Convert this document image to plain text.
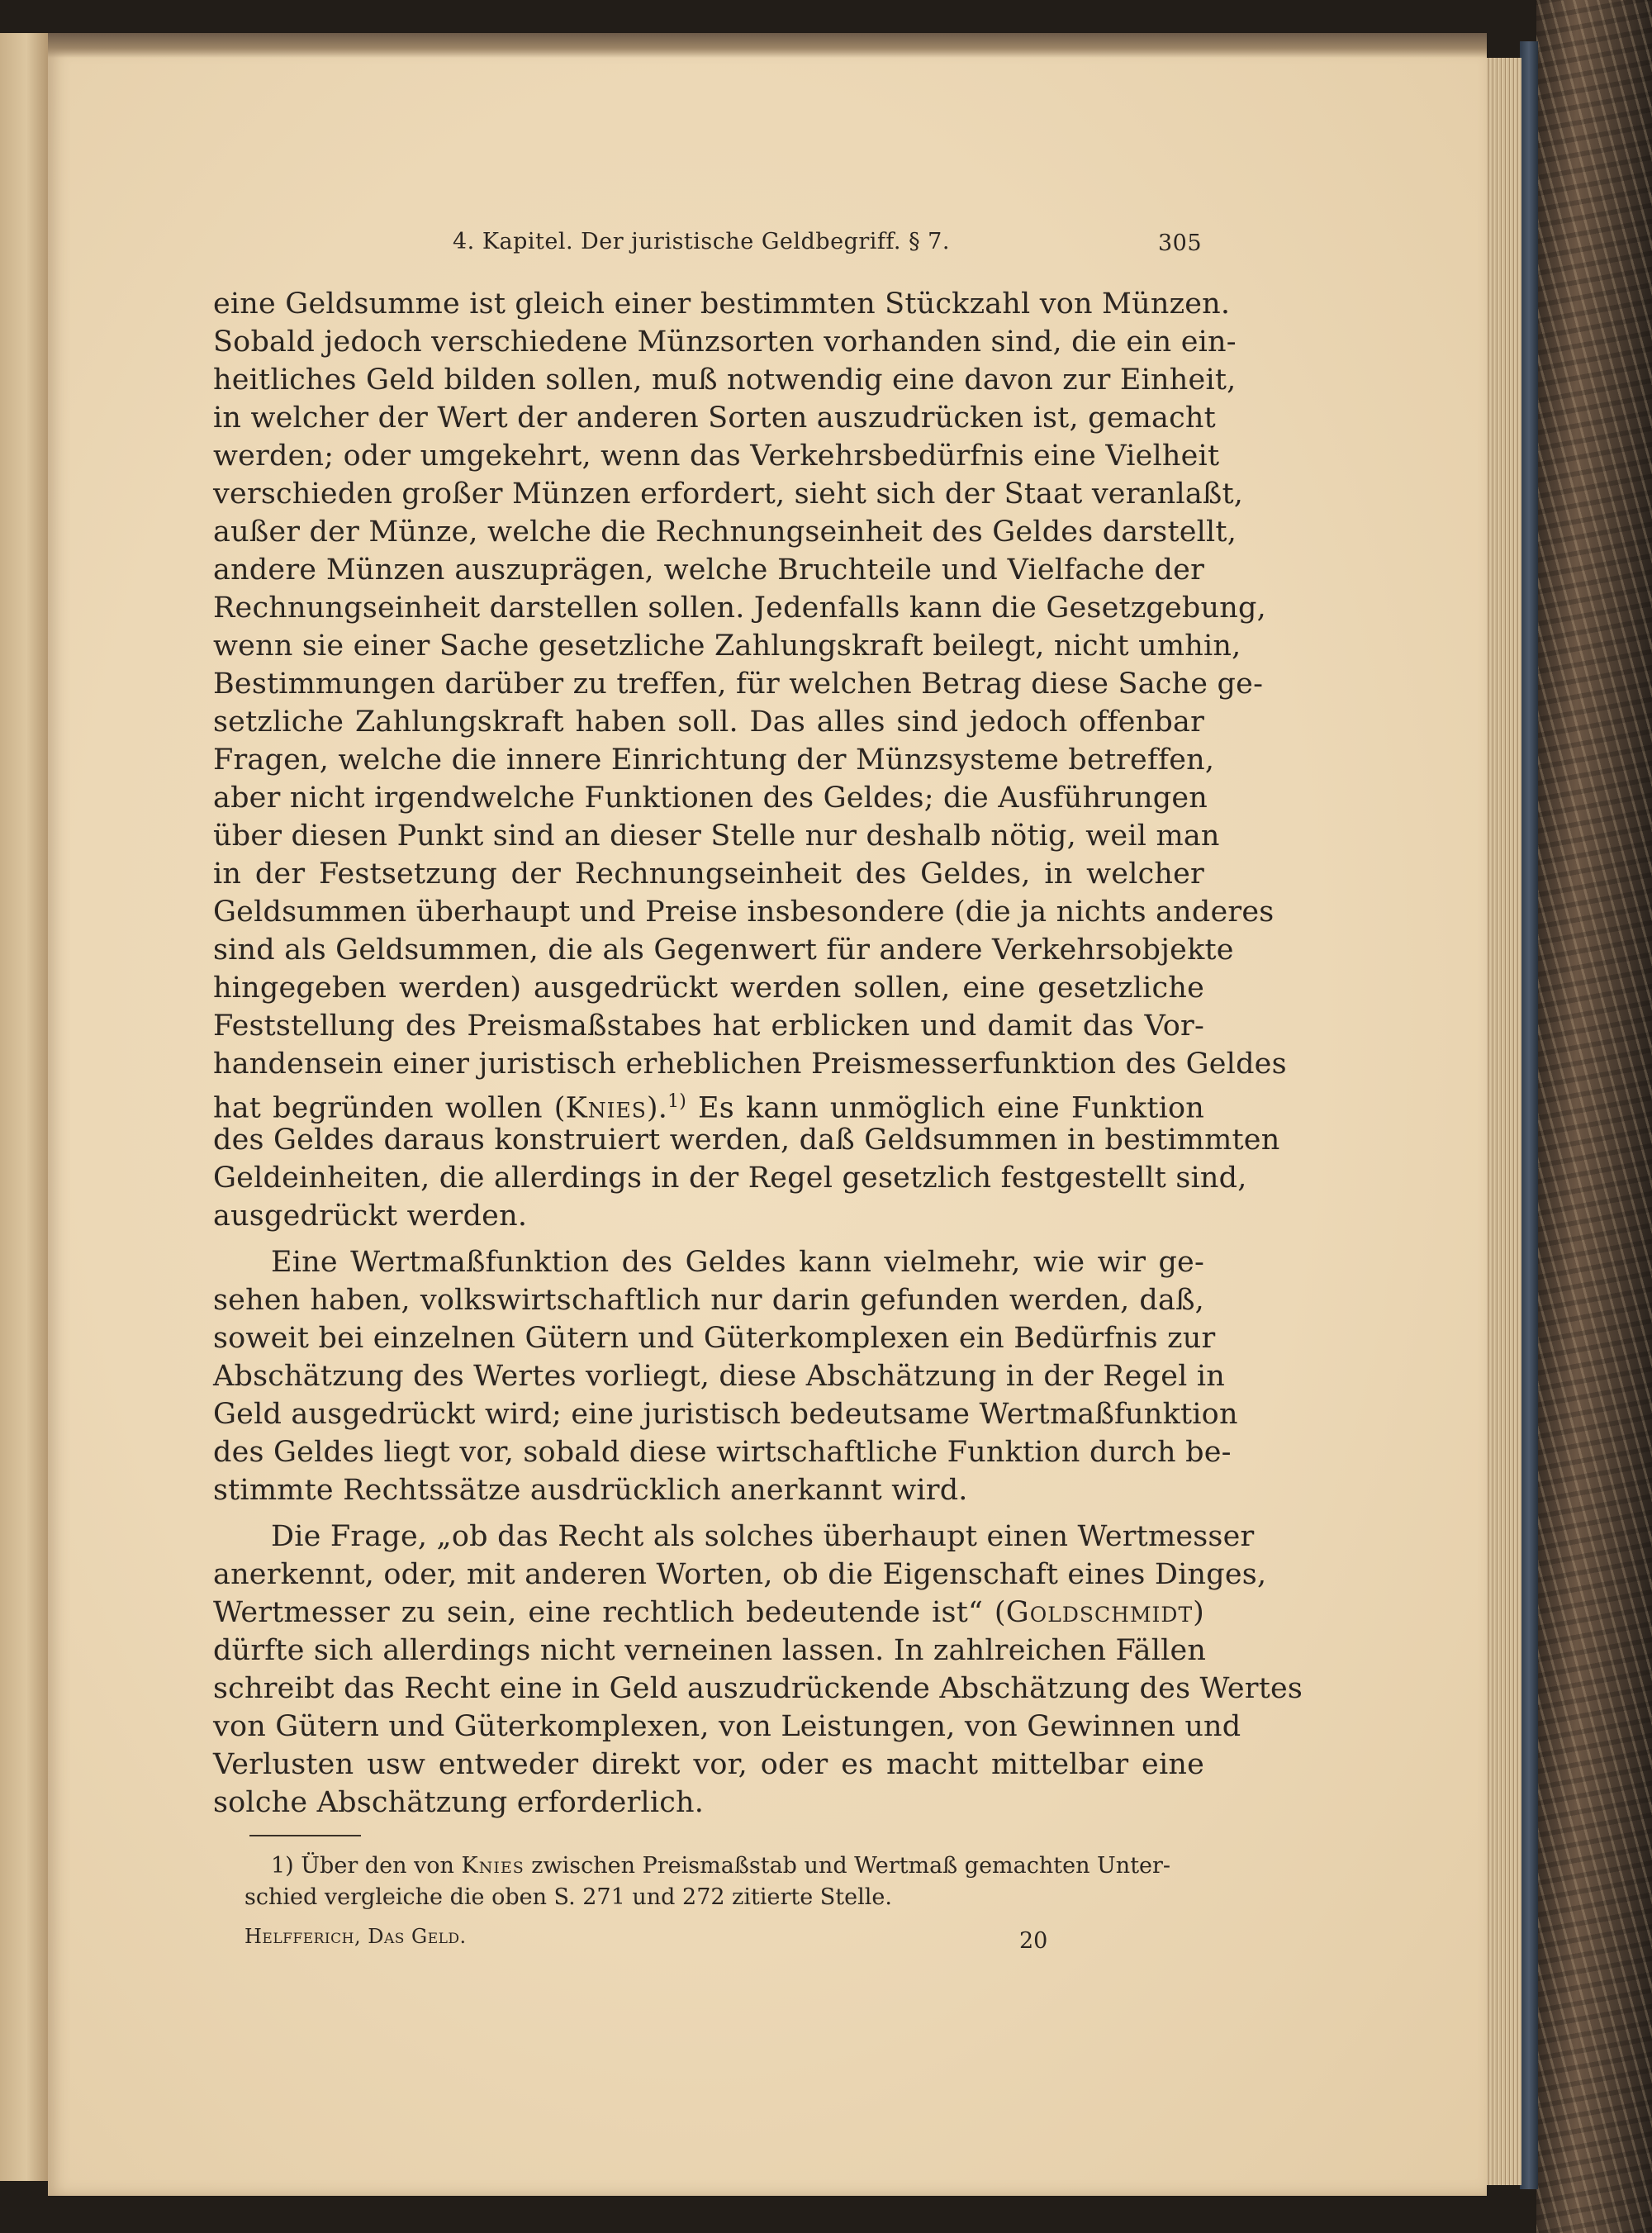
4. Kapitel. Der juristische Geldbegriff. § 7.	305
eine Geldsumme ist gleich einer bestimmten Stückzahl von Münzen.
Sobald jedoch verschiedene Münzsorten vorhanden sind, die ein ein-
heitliches Geld bilden sollen, muß notwendig eine davon zur Einheit,
in welcher der Wert der anderen Sorten auszudrücken ist, gemacht
werden; oder umgekehrt, wenn das Verkehrsbedürfnis eine Vielheit
verschieden großer Münzen erfordert, sieht sich der Staat veranlaßt,
außer der Münze, welche die Rechnungseinheit des Geldes darstellt,
andere Münzen auszuprägen, welche Bruchteile und Vielfache der
Rechnungseinheit darstellen sollen. Jedenfalls kann die Gesetzgebung,
wenn sie einer Sache gesetzliche Zahlungskraft beilegt, nicht umhin,
Bestimmungen darüber zu treffen, für welchen Betrag diese Sache ge-
setzliche Zahlungskraft haben soll. Das alles sind jedoch offenbar
Fragen, welche die innere Einrichtung der Münzsysteme betreffen,
aber nicht irgendwelche Funktionen des Geldes; die Ausführungen
über diesen Punkt sind an dieser Stelle nur deshalb nötig, weil man
in der Festsetzung der Rechnungseinheit des Geldes, in welcher
Geldsummen überhaupt und Preise insbesondere (die ja nichts anderes
sind als Geldsummen, die als Gegenwert für andere Verkehrsobjekte
hingegeben werden) ausgedrückt werden sollen, eine gesetzliche
Feststellung des Preismaßstabes hat erblicken und damit das Vor-
handensein einer juristisch erheblichen Preismesserfunktion des Geldes
hat begründen wollen (Knies).$^{1)}$ Es kann unmöglich eine Funktion
des Geldes daraus konstruiert werden, daß Geldsummen in bestimmten
Geldeinheiten, die allerdings in der Regel gesetzlich festgestellt sind,
ausgedrückt werden.
Eine Wertmaßfunktion des Geldes kann vielmehr, wie wir ge-
sehen haben, volkswirtschaftlich nur darin gefunden werden, daß,
soweit bei einzelnen Gütern und Güterkomplexen ein Bedürfnis zur
Abschätzung des Wertes vorliegt, diese Abschätzung in der Regel in
Geld ausgedrückt wird; eine juristisch bedeutsame Wertmaßfunktion
des Geldes liegt vor, sobald diese wirtschaftliche Funktion durch be-
stimmte Rechtssätze ausdrücklich anerkannt wird.
Die Frage, „ob das Recht als solches überhaupt einen Wertmesser
anerkennt, oder, mit anderen Worten, ob die Eigenschaft eines Dinges,
Wertmesser zu sein, eine rechtlich bedeutende ist“ (Goldschmidt)
dürfte sich allerdings nicht verneinen lassen. In zahlreichen Fällen
schreibt das Recht eine in Geld auszudrückende Abschätzung des Wertes
von Gütern und Güterkomplexen, von Leistungen, von Gewinnen und
Verlusten usw entweder direkt vor, oder es macht mittelbar eine
solche Abschätzung erforderlich.
1) Über den von Knies zwischen Preismaßstab und Wertmaß gemachten Unter-
schied vergleiche die oben S. 271 und 272 zitierte Stelle.
Helfferich, Das Geld.	20
